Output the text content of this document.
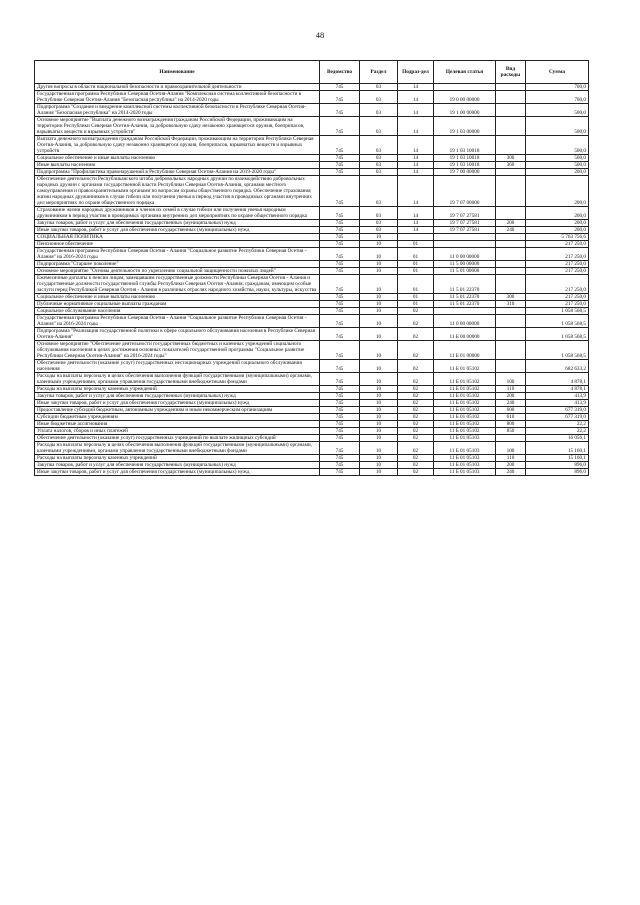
48
Наименование	Ведомство	Раздел	Подраз-дел	Целевая статья	Вид расходы	Сумма
Другие вопросы в области национальной безопасности и правоохранительной деятельности	745	03	14			700,0
Государственная программа Республики Северная Осетия-Алания "Комплексная система коллективной безопасности в Республике Северная Осетия-Алания "Безопасная республика" на 2014-2020 годы	745	03	14	19 0 00 00000		700,0
Подпрограмма "Создание и внедрение комплексной системы коллективной безопасности в Республике Северная Осетия-Алания "Безопасная республика" на 2014-2020 годы	745	03	14	19 1 00 00000		500,0
Основное мероприятие "Выплата денежного вознаграждения гражданам Российской Федерации, проживающим на территории Республики Северная Осетия-Алания, за добровольную сдачу незаконно хранящегося оружия, боеприпасов, взрывчатых веществ и взрывных устройств"	745	03	14	19 1 03 00000		500,0
Выплата денежного вознаграждения гражданам Российской Федерации, проживающим на территории Республики Северная Осетия-Алания, за добровольную сдачу незаконно хранящегося оружия, боеприпасов, взрывчатых веществ и взрывных устройств	745	03	14	19 1 03 10018		500,0
Социальное обеспечение и иные выплаты населению	745	03	14	19 1 03 10018	300	500,0
Иные выплаты населению	745	03	14	19 1 03 10018	360	500,0
Подпрограмма "Профилактика правонарушений в Республике Северная Осетия-Алания на 2019-2020 годы"	745	03	14	19 7 00 00000		200,0
Обеспечение деятельности Республиканского штаба добровольных народных дружин по взаимодействию добровольных народных дружин с органами государственной власти Республики Северная Осетия-Алания, органами местного самоуправления и правоохранительными органами по вопросам охраны общественного порядка. Обеспечение страхования жизни народных дружинников в случае гибели или получения увечья в период участия в проводимых органами внутренних дел мероприятиях по охране общественного порядка	745	03	14	19 7 07 00000		200,0
Страхование жизни народных дружинников и членов их семей в случае гибели или получения увечья народным дружинником в период участия в проводимых органами внутренних дел мероприятиях по охране общественного порядка	745	03	14	19 7 07 27581		200,0
Закупка товаров, работ и услуг для обеспечения государственных (муниципальных) нужд	745	03	14	19 7 07 27581	200	200,0
Иные закупки товаров, работ и услуг для обеспечения государственных (муниципальных) нужд	745	03	14	19 7 07 27581	240	200,0
СОЦИАЛЬНАЯ ПОЛИТИКА	745	10				5 763 756,6
Пенсионное обеспечение	745	10	01			217 250,0
Государственная программа Республики Северная Осетия - Алания "Социальное развитие Республики Северная Осетия - Алания" на 2016-2024 годы	745	10	01	11 0 00 00000		217 250,0
Подпрограмма "Старшее поколение"	745	10	01	11 5 00 00000		217 250,0
Основное мероприятие "Основы деятельности по укреплению социальной защищенности пожилых людей"	745	10	01	11 5 01 00000		217 250,0
Ежемесячные доплаты к пенсии лицам, замещавшим государственные должности Республики Северная Осетия - Алания и государственные должности государственной службы Республики Северная Осетия -Алания; гражданам, имеющим особые заслуги перед Республикой Северная Осетия - Алания в различных отраслях народного хозяйства, науки, культуры, искусства	745	10	01	11 5 01 22370		217 250,0
Социальное обеспечение и иные выплаты населению	745	10	01	11 5 01 22370	300	217 250,0
Публичные нормативные социальные выплаты гражданам	745	10	01	11 5 01 22370	310	217 250,0
Социальное обслуживание населения	745	10	02			1 058 568,5
Государственная программа Республики Северная Осетия - Алания "Социальное развитие Республики Северная Осетия - Алания" на 2016-2024 годы	745	10	02	11 0 00 00000		1 058 568,5
Подпрограмма "Реализация государственной политики в сфере социального обслуживания населения в Республике Северная Осетия-Алания"	745	10	02	11 Б 00 00000		1 058 568,5
Основное мероприятие "Обеспечение деятельности государственных бюджетных и казенных учреждений социального обслуживания населения в целях достижения основных показателей государственной программы "Социальное развитие Республики Северная Осетия-Алания" на 2016-2024 годы"	745	10	02	11 Б 01 00000		1 058 568,5
Обеспечение деятельности (оказание услуг) государственных нестационарных учреждений социального обслуживания населения	745	10	02	11 Б 01 05102		682 633,2
Расходы на выплаты персоналу в целях обеспечения выполнения функций государственными (муниципальными) органами, казенными учреждениями, органами управления государственными внебюджетными фондами	745	10	02	11 Б 01 05102	100	4 878,1
Расходы на выплаты персоналу казенных учреждений	745	10	02	11 Б 01 05102	110	4 878,1
Закупка товаров, работ и услуг для обеспечения государственных (муниципальных) нужд	745	10	02	11 Б 01 05102	200	413,9
Иные закупки товаров, работ и услуг для обеспечения государственных (муниципальных) нужд	745	10	02	11 Б 01 05102	240	413,9
Предоставление субсидий бюджетным, автономным учреждениям и иным некоммерческим организациям	745	10	02	11 Б 01 05102	600	677 319,0
Субсидии бюджетным учреждениям	745	10	02	11 Б 01 05102	610	677 319,0
Иные бюджетные ассигнования	745	10	02	11 Б 01 05102	800	22,2
Уплата налогов, сборов и иных платежей	745	10	02	11 Б 01 05102	850	22,2
Обеспечение деятельности (оказание услуг) государственных учреждений по выплате жилищных субсидий	745	10	02	11 Б 01 05103		16 056,1
Расходы на выплаты персоналу в целях обеспечения выполнения функций государственными (муниципальными) органами, казенными учреждениями, органами управления государственными внебюджетными фондами	745	10	02	11 Б 01 05103	100	15 160,1
Расходы на выплаты персоналу казенных учреждений	745	10	02	11 Б 01 05103	110	15 160,1
Закупка товаров, работ и услуг для обеспечения государственных (муниципальных) нужд	745	10	02	11 Б 01 05103	200	896,0
Иные закупки товаров, работ и услуг для обеспечения государственных (муниципальных) нужд	745	10	02	11 Б 01 05103	240	896,0
